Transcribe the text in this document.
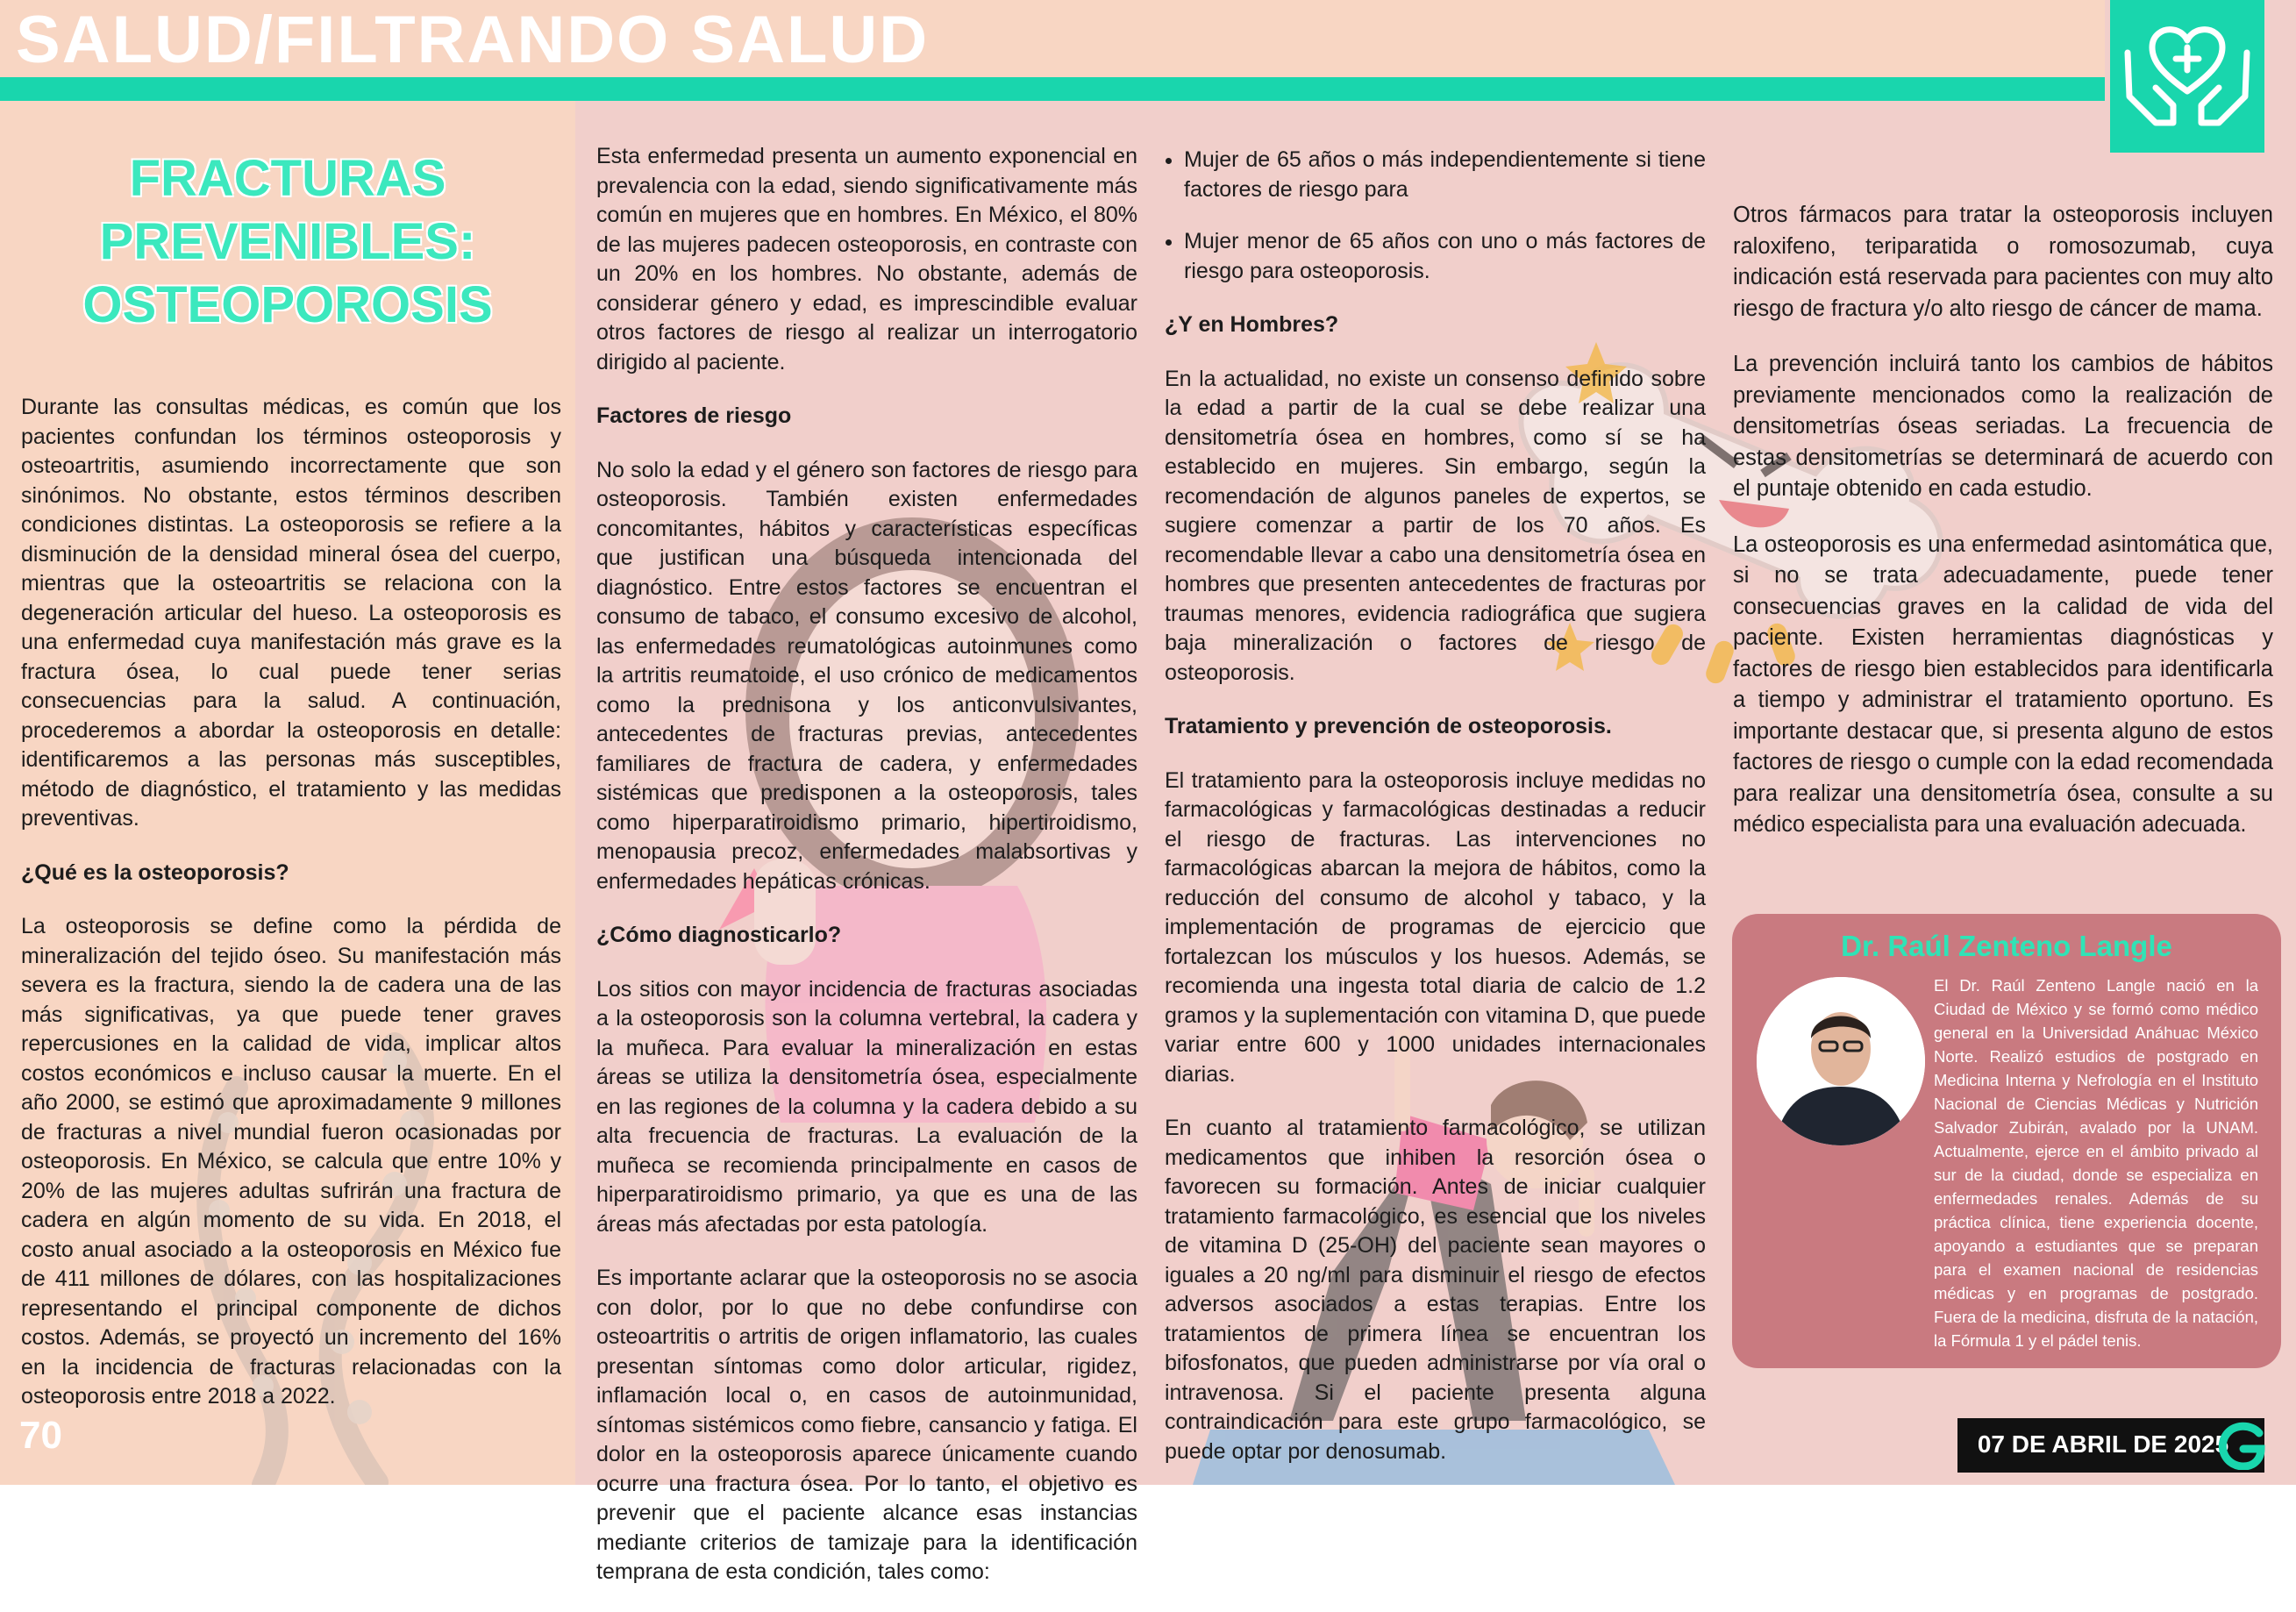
SALUD/FILTRANDO SALUD
FRACTURAS PREVENIBLES: OSTEOPOROSIS

Durante las consultas médicas, es común que los pacientes confundan los términos osteoporosis y osteoartritis, asumiendo incorrectamente que son sinónimos. No obstante, estos términos describen condiciones distintas. La osteoporosis se refiere a la disminución de la densidad mineral ósea del cuerpo, mientras que la osteoartritis se relaciona con la degeneración articular del hueso. La osteoporosis es una enfermedad cuya manifestación más grave es la fractura ósea, lo cual puede tener serias consecuencias para la salud. A continuación, procederemos a abordar la osteoporosis en detalle: identificaremos a las personas más susceptibles, método de diagnóstico, el tratamiento y las medidas preventivas.

¿Qué es la osteoporosis?

La osteoporosis se define como la pérdida de mineralización del tejido óseo. Su manifestación más severa es la fractura, siendo la de cadera una de las más significativas, ya que puede tener graves repercusiones en la calidad de vida, implicar altos costos económicos e incluso causar la muerte. En el año 2000, se estimó que aproximadamente 9 millones de fracturas a nivel mundial fueron ocasionadas por osteoporosis. En México, se calcula que entre 10% y 20% de las mujeres adultas sufrirán una fractura de cadera en algún momento de su vida. En 2018, el costo anual asociado a la osteoporosis en México fue de 411 millones de dólares, con las hospitalizaciones representando el principal componente de dichos costos. Además, se proyectó un incremento del 16% en la incidencia de fracturas relacionadas con la osteoporosis entre 2018 a 2022.

Esta enfermedad presenta un aumento exponencial en prevalencia con la edad, siendo significativamente más común en mujeres que en hombres. En México, el 80% de las mujeres padecen osteoporosis, en contraste con un 20% en los hombres. No obstante, además de considerar género y edad, es imprescindible evaluar otros factores de riesgo al realizar un interrogatorio dirigido al paciente.

Factores de riesgo

No solo la edad y el género son factores de riesgo para osteoporosis. También existen enfermedades concomitantes, hábitos y características específicas que justifican una búsqueda intencionada del diagnóstico. Entre estos factores se encuentran el consumo de tabaco, el consumo excesivo de alcohol, las enfermedades reumatológicas autoinmunes como la artritis reumatoide, el uso crónico de medicamentos como la prednisona y los anticonvulsivantes, antecedentes de fracturas previas, antecedentes familiares de fractura de cadera, y enfermedades sistémicas que predisponen a la osteoporosis, tales como hiperparatiroidismo primario, hipertiroidismo, menopausia precoz, enfermedades malabsortivas y enfermedades hepáticas crónicas.

¿Cómo diagnosticarlo?

Los sitios con mayor incidencia de fracturas asociadas a la osteoporosis son la columna vertebral, la cadera y la muñeca. Para evaluar la mineralización en estas áreas se utiliza la densitometría ósea, especialmente en las regiones de la columna y la cadera debido a su alta frecuencia de fracturas. La evaluación de la muñeca se recomienda principalmente en casos de hiperparatiroidismo primario, ya que es una de las áreas más afectadas por esta patología.

Es importante aclarar que la osteoporosis no se asocia con dolor, por lo que no debe confundirse con osteoartritis o artritis de origen inflamatorio, las cuales presentan síntomas como dolor articular, rigidez, inflamación local o, en casos de autoinmunidad, síntomas sistémicos como fiebre, cansancio y fatiga. El dolor en la osteoporosis aparece únicamente cuando ocurre una fractura ósea. Por lo tanto, el objetivo es prevenir que el paciente alcance esas instancias mediante criterios de tamizaje para la identificación temprana de esta condición, tales como:

• Mujer de 65 años o más independientemente si tiene factores de riesgo para
• Mujer menor de 65 años con uno o más factores de riesgo para osteoporosis.
¿Y en Hombres?

En la actualidad, no existe un consenso definido sobre la edad a partir de la cual se debe realizar una densitometría ósea en hombres, como sí se ha establecido en mujeres. Sin embargo, según la recomendación de algunos paneles de expertos, se sugiere comenzar a partir de los 70 años. Es recomendable llevar a cabo una densitometría ósea en hombres que presenten antecedentes de fracturas por traumas menores, evidencia radiográfica que sugiera baja mineralización o factores de riesgo de osteoporosis.

Tratamiento y prevención de osteoporosis.

El tratamiento para la osteoporosis incluye medidas no farmacológicas y farmacológicas destinadas a reducir el riesgo de fracturas. Las intervenciones no farmacológicas abarcan la mejora de hábitos, como la reducción del consumo de alcohol y tabaco, y la implementación de programas de ejercicio que fortalezcan los músculos y los huesos. Además, se recomienda una ingesta total diaria de calcio de 1.2 gramos y la suplementación con vitamina D, que puede variar entre 600 y 1000 unidades internacionales diarias.

En cuanto al tratamiento farmacológico, se utilizan medicamentos que inhiben la resorción ósea o favorecen su formación. Antes de iniciar cualquier tratamiento farmacológico, es esencial que los niveles de vitamina D (25-OH) del paciente sean mayores o iguales a 20 ng/ml para disminuir el riesgo de efectos adversos asociados a estas terapias. Entre los tratamientos de primera línea se encuentran los bifosfonatos, que pueden administrarse por vía oral o intravenosa. Si el paciente presenta alguna contraindicación para este grupo farmacológico, se puede optar por denosumab.

Otros fármacos para tratar la osteoporosis incluyen raloxifeno, teriparatida o romosozumab, cuya indicación está reservada para pacientes con muy alto riesgo de fractura y/o alto riesgo de cáncer de mama.

La prevención incluirá tanto los cambios de hábitos previamente mencionados como la realización de densitometrías óseas seriadas. La frecuencia de estas densitometrías se determinará de acuerdo con el puntaje obtenido en cada estudio.

La osteoporosis es una enfermedad asintomática que, si no se trata adecuadamente, puede tener consecuencias graves en la calidad de vida del paciente. Existen herramientas diagnósticas y factores de riesgo bien establecidos para identificarla a tiempo y administrar el tratamiento oportuno. Es importante destacar que, si presenta alguno de estos factores de riesgo o cumple con la edad recomendada para realizar una densitometría ósea, consulte a su médico especialista para una evaluación adecuada.

Dr. Raúl Zenteno Langle
El Dr. Raúl Zenteno Langle nació en la Ciudad de México y se formó como médico general en la Universidad Anáhuac México Norte. Realizó estudios de postgrado en Medicina Interna y Nefrología en el Instituto Nacional de Ciencias Médicas y Nutrición Salvador Zubirán, avalado por la UNAM. Actualmente, ejerce en el ámbito privado al sur de la ciudad, donde se especializa en enfermedades renales. Además de su práctica clínica, tiene experiencia docente, apoyando a estudiantes que se preparan para el examen nacional de residencias médicas y en programas de postgrado. Fuera de la medicina, disfruta de la natación, la Fórmula 1 y el pádel tenis.
70	07 DE ABRIL DE 2025
